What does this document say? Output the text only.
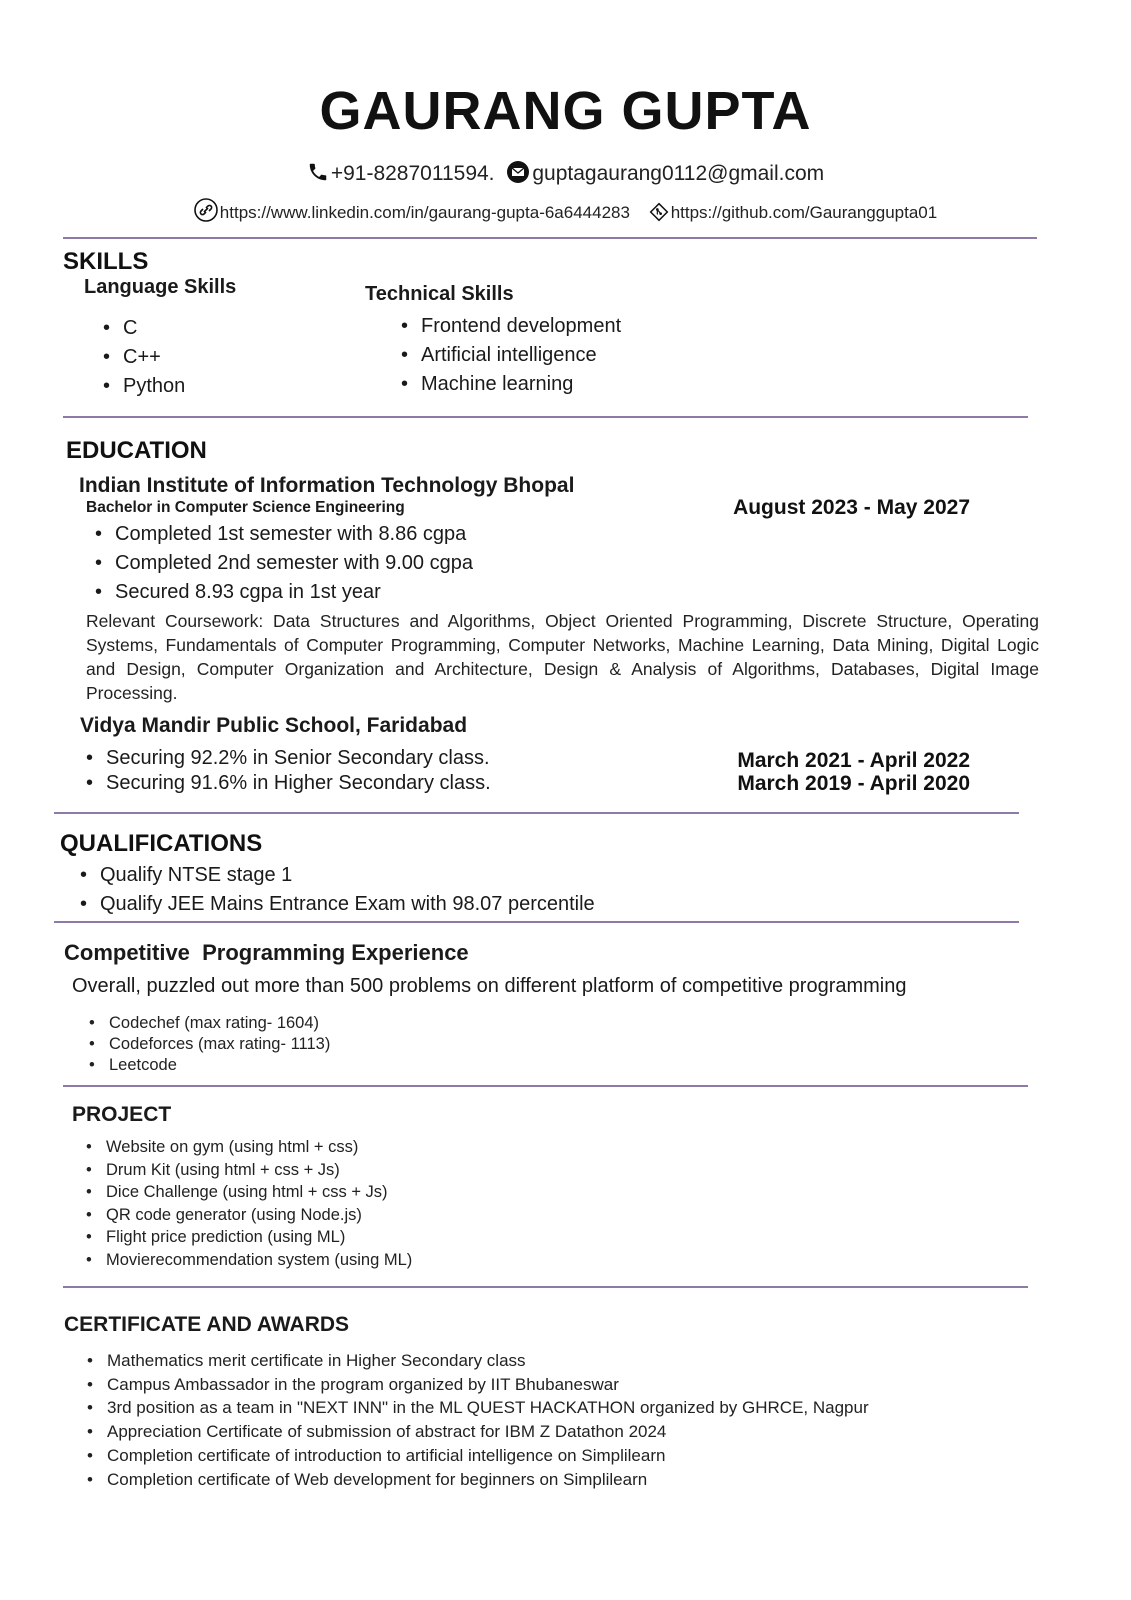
GAURANG GUPTA
+91-8287011594. guptagaurang0112@gmail.com
https://www.linkedin.com/in/gaurang-gupta-6a6444283 https://github.com/Gauranggupta01
SKILLS
Language Skills
• C
• C++
• Python
Technical Skills
• Frontend development
• Artificial intelligence
• Machine learning
EDUCATION
Indian Institute of Information Technology Bhopal
Bachelor in Computer Science Engineering	August 2023 - May 2027
• Completed 1st semester with 8.86 cgpa
• Completed 2nd semester with 9.00 cgpa
• Secured 8.93 cgpa in 1st year
Relevant Coursework: Data Structures and Algorithms, Object Oriented Programming, Discrete Structure, Operating Systems, Fundamentals of Computer Programming, Computer Networks, Machine Learning, Data Mining, Digital Logic and Design, Computer Organization and Architecture, Design & Analysis of Algorithms, Databases, Digital Image Processing.
Vidya Mandir Public School, Faridabad
• Securing 92.2% in Senior Secondary class.
• Securing 91.6% in Higher Secondary class.
March 2021 - April 2022
March 2019 - April 2020
QUALIFICATIONS
• Qualify NTSE stage 1
• Qualify JEE Mains Entrance Exam with 98.07 percentile
Competitive  Programming Experience
Overall, puzzled out more than 500 problems on different platform of competitive programming
• Codechef (max rating- 1604)
• Codeforces (max rating- 1113)
• Leetcode
PROJECT
• Website on gym (using html + css)
• Drum Kit (using html + css + Js)
• Dice Challenge (using html + css + Js)
• QR code generator (using Node.js)
• Flight price prediction (using ML)
• Movierecommendation system (using ML)
CERTIFICATE AND AWARDS
• Mathematics merit certificate in Higher Secondary class
• Campus Ambassador in the program organized by IIT Bhubaneswar
• 3rd position as a team in "NEXT INN" in the ML QUEST HACKATHON organized by GHRCE, Nagpur
• Appreciation Certificate of submission of abstract for IBM Z Datathon 2024
• Completion certificate of introduction to artificial intelligence on Simplilearn
• Completion certificate of Web development for beginners on Simplilearn
